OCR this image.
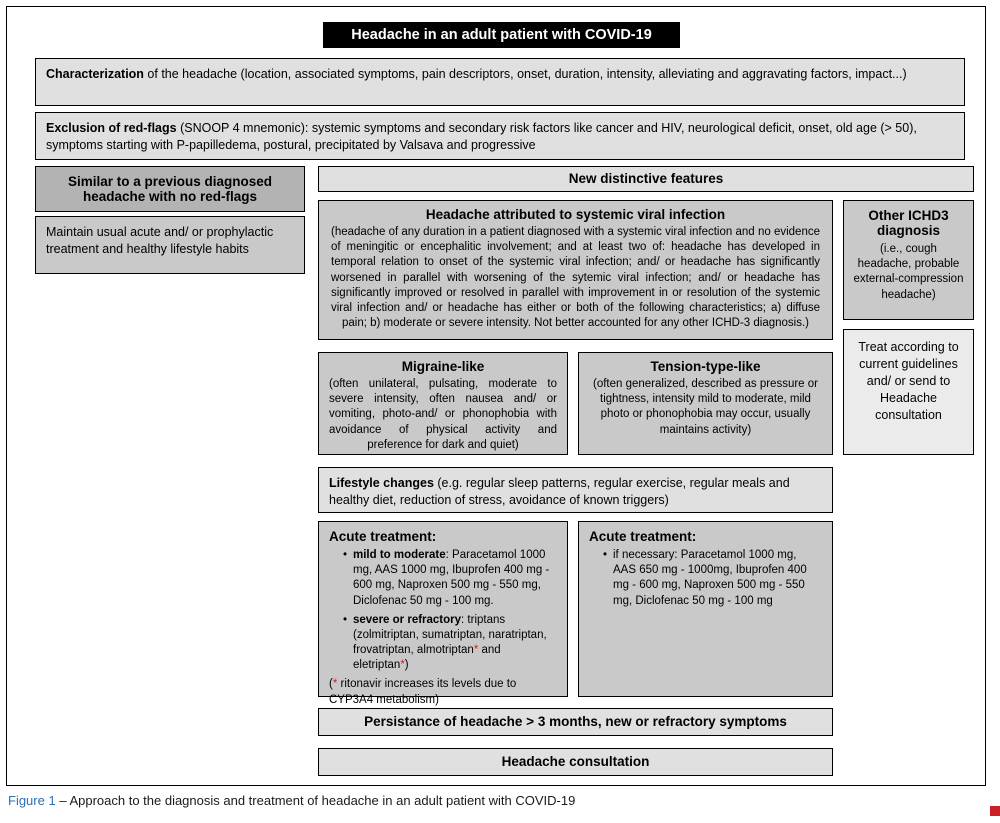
Headache in an adult patient with COVID-19
Characterization of the headache (location, associated symptoms, pain descriptors, onset, duration, intensity, alleviating and aggravating factors, impact...)
Exclusion of red-flags (SNOOP 4 mnemonic): systemic symptoms and secondary risk factors like cancer and HIV, neurological deficit, onset, old age (> 50), symptoms starting with P-papilledema, postural, precipitated by Valsava and progressive
Similar to a previous diagnosed headache with no red-flags
Maintain usual acute and/ or prophylactic treatment and healthy lifestyle habits
New distinctive features
Headache attributed to systemic viral infection
(headache of any duration in a patient diagnosed with a systemic viral infection and no evidence of meningitic or encephalitic involvement; and at least two of: headache has developed in temporal relation to onset of the systemic viral infection; and/ or headache has significantly worsened in parallel with worsening of the sytemic viral infection; and/ or headache has significantly improved or resolved in parallel with improvement in or resolution of the systemic viral infection and/ or headache has either or both of the following characteristics; a) diffuse pain; b) moderate or severe intensity. Not better accounted for any other ICHD-3 diagnosis.)
Migraine-like
(often unilateral, pulsating, moderate to severe intensity, often nausea and/ or vomiting, photo-and/ or phonophobia with avoidance of physical activity and preference for dark and quiet)
Tension-type-like
(often generalized, described as pressure or tightness, intensity mild to moderate, mild photo or phonophobia may occur, usually maintains activity)
Lifestyle changes (e.g. regular sleep patterns, regular exercise, regular meals and healthy diet, reduction of stress, avoidance of known triggers)
Acute treatment:
• mild to moderate: Paracetamol 1000 mg, AAS 1000 mg, Ibuprofen 400 mg - 600 mg, Naproxen 500 mg - 550 mg, Diclofenac 50 mg - 100 mg.
• severe or refractory: triptans (zolmitriptan, sumatriptan, naratriptan, frovatriptan, almotriptan* and eletriptan*)
(* ritonavir increases its levels due to CYP3A4 metabolism)
Acute treatment:
• if necessary: Paracetamol 1000 mg, AAS 650 mg - 1000mg, Ibuprofen 400 mg - 600 mg, Naproxen 500 mg - 550 mg, Diclofenac 50 mg - 100 mg
Persistance of headache > 3 months, new or refractory symptoms
Headache consultation
Other ICHD3 diagnosis
(i.e., cough headache, probable external-compression headache)
Treat according to current guidelines and/ or send to Headache consultation
Figure 1 – Approach to the diagnosis and treatment of headache in an adult patient with COVID-19
